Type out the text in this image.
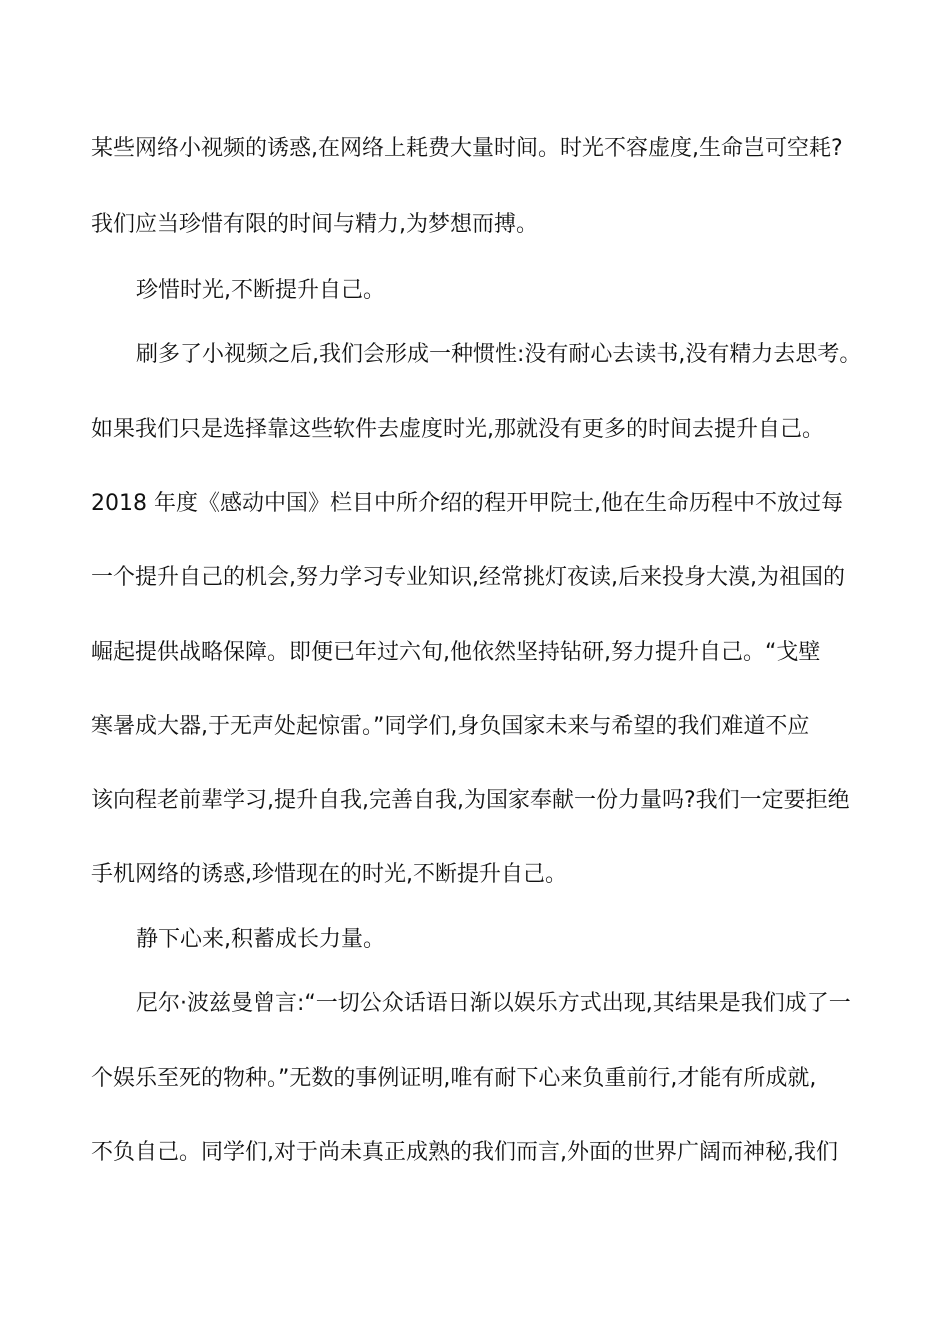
某些网络小视频的诱惑,在网络上耗费大量时间。时光不容虚度,生命岂可空耗?
我们应当珍惜有限的时间与精力,为梦想而搏。
珍惜时光,不断提升自己。
刷多了小视频之后,我们会形成一种惯性:没有耐心去读书,没有精力去思考。
如果我们只是选择靠这些软件去虚度时光,那就没有更多的时间去提升自己。
2018 年度《感动中国》栏目中所介绍的程开甲院士,他在生命历程中不放过每
一个提升自己的机会,努力学习专业知识,经常挑灯夜读,后来投身大漠,为祖国的
崛起提供战略保障。即便已年过六旬,他依然坚持钻研,努力提升自己。“戈壁
寒暑成大器,于无声处起惊雷。”同学们,身负国家未来与希望的我们难道不应
该向程老前辈学习,提升自我,完善自我,为国家奉献一份力量吗?我们一定要拒绝
手机网络的诱惑,珍惜现在的时光,不断提升自己。
静下心来,积蓄成长力量。
尼尔·波兹曼曾言:“一切公众话语日渐以娱乐方式出现,其结果是我们成了一
个娱乐至死的物种。”无数的事例证明,唯有耐下心来负重前行,才能有所成就,
不负自己。同学们,对于尚未真正成熟的我们而言,外面的世界广阔而神秘,我们
